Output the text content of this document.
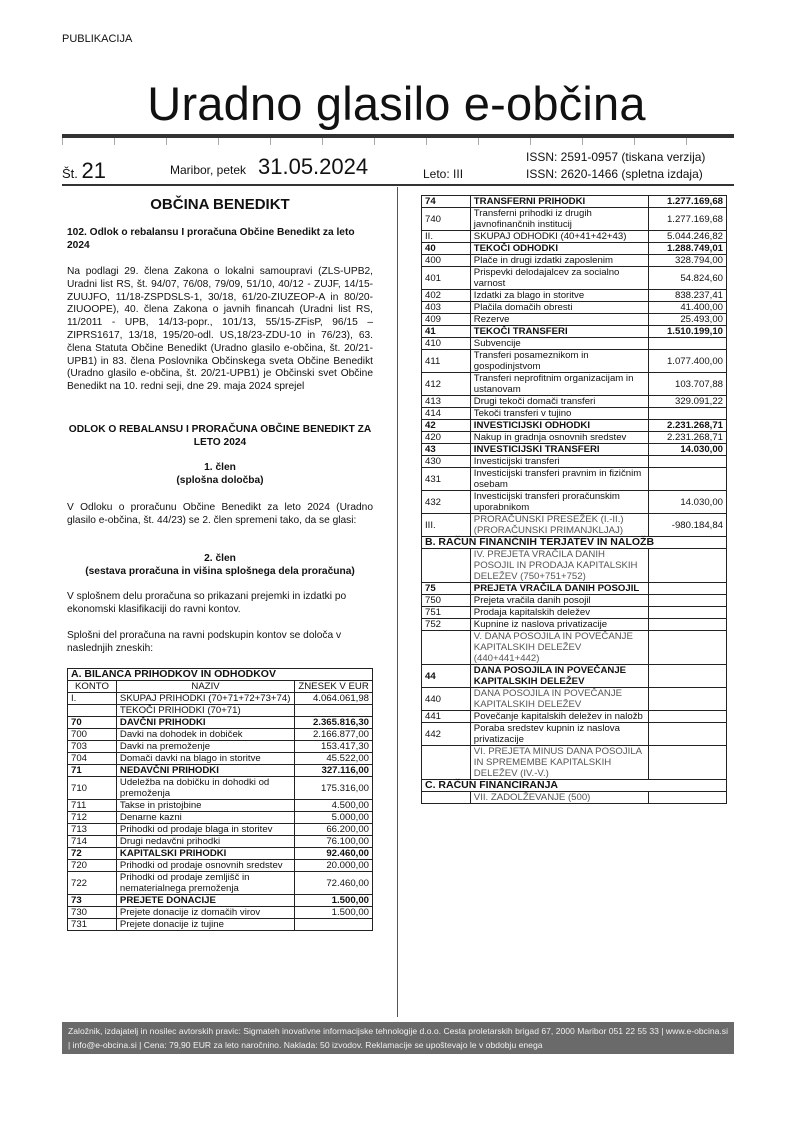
PUBLIKACIJA
Uradno glasilo e-občina
Št. 21	Maribor, petek 31.05.2024	Leto: III
ISSN: 2591-0957 (tiskana verzija)
ISSN: 2620-1466 (spletna izdaja)
OBČINA BENEDIKT
102. Odlok o rebalansu I proračuna Občine Benedikt za leto 2024
Na podlagi 29. člena Zakona o lokalni samoupravi (ZLS-UPB2, Uradni list RS, št. 94/07, 76/08, 79/09, 51/10, 40/12 - ZUJF, 14/15-ZUUJFO, 11/18-ZSPDSLS-1, 30/18, 61/20-ZIUZEOP-A in 80/20-ZIUOOPE), 40. člena Zakona o javnih financah (Uradni list RS, 11/2011 - UPB, 14/13-popr., 101/13, 55/15-ZFisP, 96/15 – ZIPRS1617, 13/18, 195/20-odl. US,18/23-ZDU-10 in 76/23), 63. člena Statuta Občine Benedikt (Uradno glasilo e-občina, št. 20/21-UPB1) in 83. člena Poslovnika Občinskega sveta Občine Benedikt (Uradno glasilo e-občina, št. 20/21-UPB1) je Občinski svet Občine Benedikt na 10. redni seji, dne 29. maja 2024 sprejel
ODLOK O REBALANSU I PRORAČUNA OBČINE BENEDIKT ZA LETO 2024
1. člen
(splošna določba)
V Odloku o proračunu Občine Benedikt za leto 2024 (Uradno glasilo e-občina, št. 44/23) se 2. člen spremeni tako, da se glasi:
2. člen
(sestava proračuna in višina splošnega dela proračuna)
V splošnem delu proračuna so prikazani prejemki in izdatki po ekonomski klasifikaciji do ravni kontov.
Splošni del proračuna na ravni podskupin kontov se določa v naslednjih zneskih:
A. BILANCA PRIHODKOV IN ODHODKOV		
KONTO	NAZIV	ZNESEK V EUR
I.	SKUPAJ PRIHODKI (70+71+72+73+74)	4.064.061,98
	TEKOČI PRIHODKI (70+71)	
70	DAVČNI PRIHODKI	2.365.816,30
700	Davki na dohodek in dobiček	2.166.877,00
703	Davki na premoženje	153.417,30
704	Domači davki na blago in storitve	45.522,00
71	NEDAVČNI PRIHODKI	327.116,00
710	Udeležba na dobičku in dohodki od premoženja	175.316,00
711	Takse in pristojbine	4.500,00
712	Denarne kazni	5.000,00
713	Prihodki od prodaje blaga in storitev	66.200,00
714	Drugi nedavčni prihodki	76.100,00
72	KAPITALSKI PRIHODKI	92.460,00
720	Prihodki od prodaje osnovnih sredstev	20.000,00
722	Prihodki od prodaje zemljišč in nematerialnega premoženja	72.460,00
73	PREJETE DONACIJE	1.500,00
730	Prejete donacije iz domačih virov	1.500,00
731	Prejete donacije iz tujine	
74	TRANSFERNI PRIHODKI	1.277.169,68
740	Transferni prihodki iz drugih javnofinančnih institucij	1.277.169,68
II.	SKUPAJ ODHODKI (40+41+42+43)	5.044.246,82
40	TEKOČI ODHODKI	1.288.749,01
400	Plače in drugi izdatki zaposlenim	328.794,00
401	Prispevki delodajalcev za socialno varnost	54.824,60
402	Izdatki za blago in storitve	838.237,41
403	Plačila domačih obresti	41.400,00
409	Rezerve	25.493,00
41	TEKOČI TRANSFERI	1.510.199,10
410	Subvencije	
411	Transferi posameznikom in gospodinjstvom	1.077.400,00
412	Transferi neprofitnim organizacijam in ustanovam	103.707,88
413	Drugi tekoči domači transferi	329.091,22
414	Tekoči transferi v tujino	
42	INVESTICIJSKI ODHODKI	2.231.268,71
420	Nakup in gradnja osnovnih sredstev	2.231.268,71
43	INVESTICIJSKI TRANSFERI	14.030,00
430	Investicijski transferi	
431	Investicijski transferi pravnim in fizičnim osebam	
432	Investicijski transferi proračunskim uporabnikom	14.030,00
III.	PRORAČUNSKI PRESEŽEK (I.-II.) (PRORAČUNSKI PRIMANJKLJAJ)	-980.184,84
B. RAČUN FINANČNIH TERJATEV IN NALOŽB		
	IV. PREJETA VRAČILA DANIH POSOJIL IN PRODAJA KAPITALSKIH DELEŽEV (750+751+752)	
75	PREJETA VRAČILA DANIH POSOJIL	
750	Prejeta vračila danih posojil	
751	Prodaja kapitalskih deležev	
752	Kupnine iz naslova privatizacije	
	V. DANA POSOJILA IN POVEČANJE KAPITALSKIH DELEŽEV (440+441+442)	
44	DANA POSOJILA IN POVEČANJE KAPITALSKIH DELEŽEV	
440	DANA POSOJILA IN POVEČANJE KAPITALSKIH DELEŽEV	
441	Povečanje kapitalskih deležev in naložb	
442	Poraba sredstev kupnin iz naslova privatizacije	
	VI. PREJETA MINUS DANA POSOJILA IN SPREMEMBE KAPITALSKIH DELEŽEV (IV.-V.)	
C. RAČUN FINANCIRANJA		
	VII. ZADOLŽEVANJE (500)	
Založnik, izdajatelj in nosilec avtorskih pravic: Sigmateh inovativne informacijske tehnologije d.o.o. Cesta proletarskih brigad 67, 2000 Maribor 051 22 55 33 | www.e-obcina.si | info@e-obcina.si | Cena: 79,90 EUR za leto naročnino. Naklada: 50 izvodov. Reklamacije se upoštevajo le v obdobju enega
